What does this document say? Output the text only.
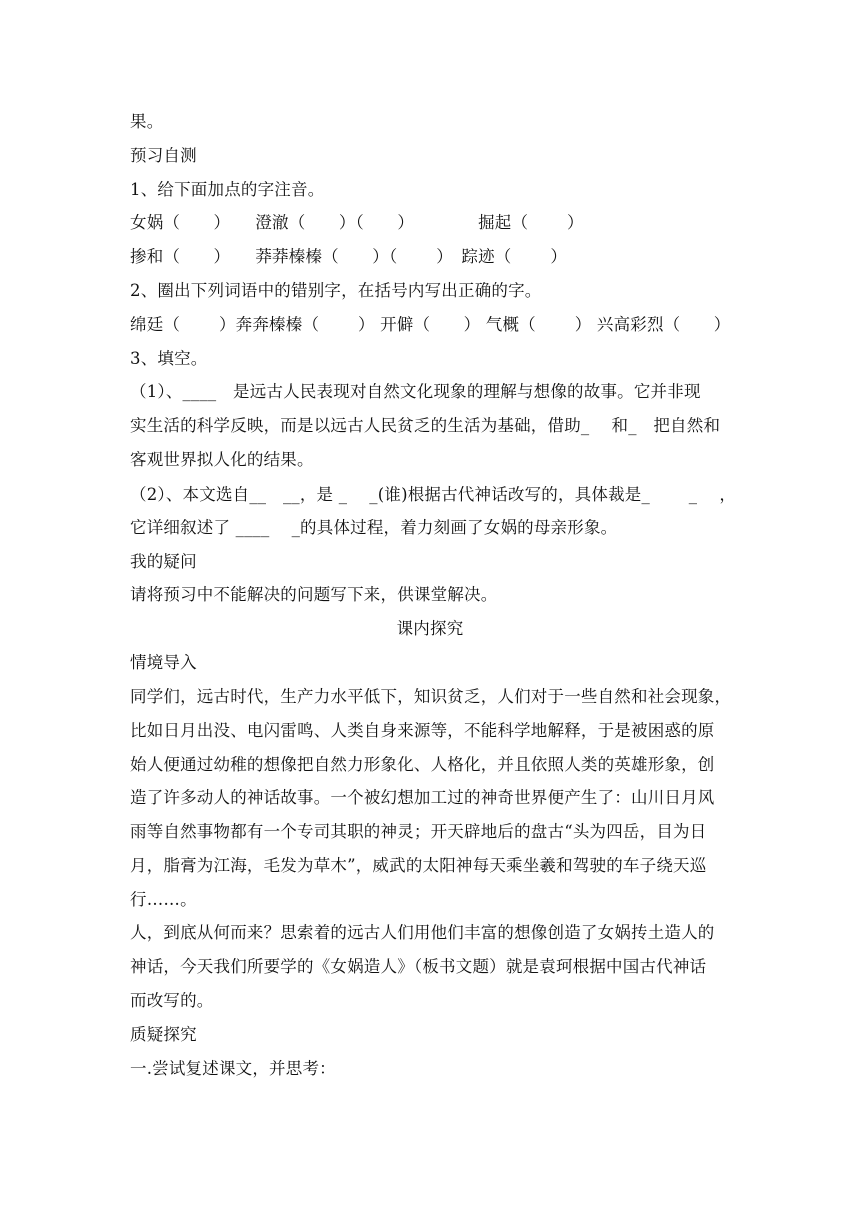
果。
预习自测
1、给下面加点的字注音。
女娲（　　）　　澄澈（　　）（　　）　　　　 掘起（　　 ）
掺和（　　）　　莽莽榛榛（　　）（　　 ）　踪迹（　　 ）
2、圈出下列词语中的错别字，在括号内写出正确的字。
绵廷（　　 ）奔奔榛榛（　　 ） 开僻（　　） 气概（　　 ） 兴高彩烈（　　）
3、填空。
（1）、____　是远古人民表现对自然文化现象的理解与想像的故事。它并非现
实生活的科学反映，而是以远古人民贫乏的生活为基础，借助_　 和_　把自然和
客观世界拟人化的结果。
（2）、本文选自__　__，是 _　 _(谁)根据古代神话改写的，具体裁是_　　 _　 ，
它详细叙述了 ____　 _的具体过程，着力刻画了女娲的母亲形象。
我的疑问
请将预习中不能解决的问题写下来，供课堂解决。
课内探究
情境导入
同学们，远古时代，生产力水平低下，知识贫乏，人们对于一些自然和社会现象，
比如日月出没、电闪雷鸣、人类自身来源等，不能科学地解释，于是被困惑的原
始人便通过幼稚的想像把自然力形象化、人格化，并且依照人类的英雄形象，创
造了许多动人的神话故事。一个被幻想加工过的神奇世界便产生了：山川日月风
雨等自然事物都有一个专司其职的神灵；开天辟地后的盘古“头为四岳，目为日
月，脂膏为江海，毛发为草木”，威武的太阳神每天乘坐羲和驾驶的车子绕天巡
行……。
人，到底从何而来？思索着的远古人们用他们丰富的想像创造了女娲抟土造人的
神话，今天我们所要学的《女娲造人》（板书文题）就是袁珂根据中国古代神话
而改写的。
质疑探究
一.尝试复述课文，并思考：
